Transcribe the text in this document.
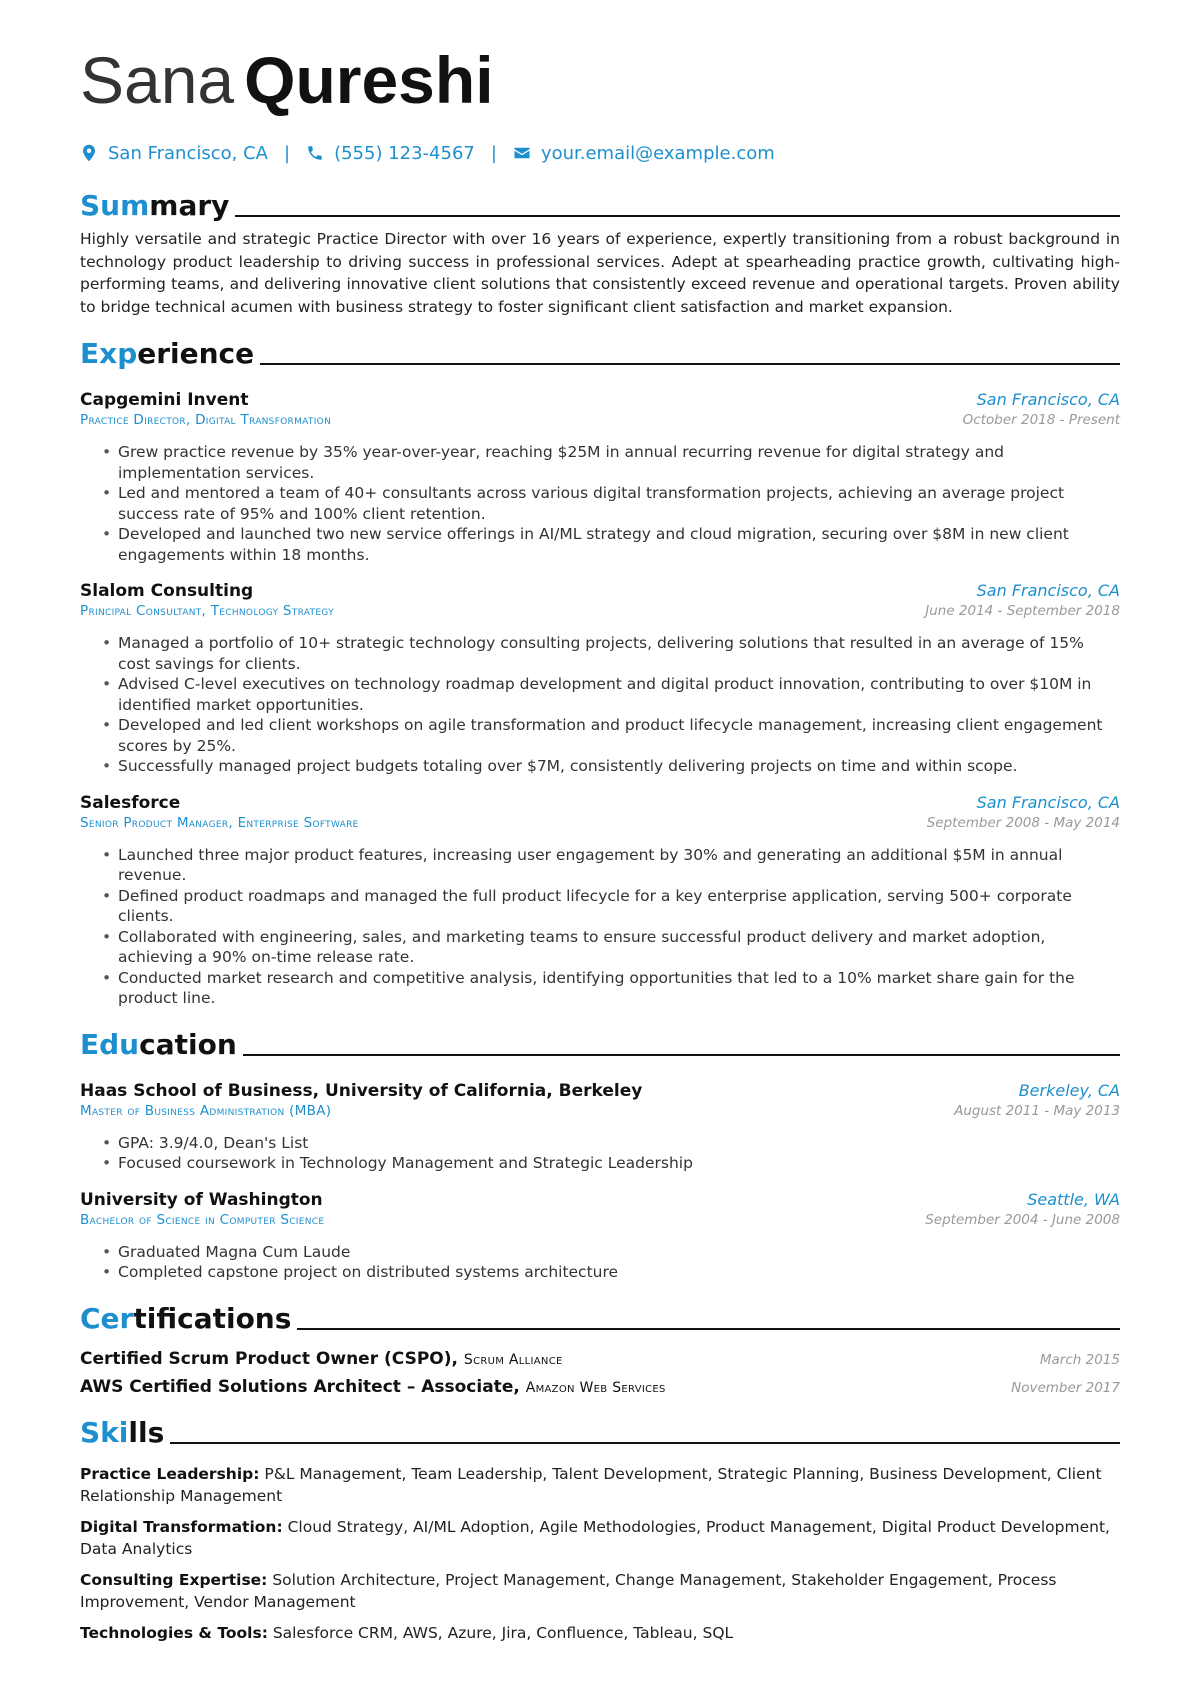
Sana Qureshi
San Francisco, CA | (555) 123-4567 | your.email@example.com
Summary
Highly versatile and strategic Practice Director with over 16 years of experience, expertly transitioning from a robust background in technology product leadership to driving success in professional services. Adept at spearheading practice growth, cultivating high-performing teams, and delivering innovative client solutions that consistently exceed revenue and operational targets. Proven ability to bridge technical acumen with business strategy to foster significant client satisfaction and market expansion.
Experience
Capgemini Invent	San Francisco, CA
Practice Director, Digital Transformation	October 2018 - Present
• Grew practice revenue by 35% year-over-year, reaching $25M in annual recurring revenue for digital strategy and implementation services.
• Led and mentored a team of 40+ consultants across various digital transformation projects, achieving an average project success rate of 95% and 100% client retention.
• Developed and launched two new service offerings in AI/ML strategy and cloud migration, securing over $8M in new client engagements within 18 months.
Slalom Consulting	San Francisco, CA
Principal Consultant, Technology Strategy	June 2014 - September 2018
• Managed a portfolio of 10+ strategic technology consulting projects, delivering solutions that resulted in an average of 15% cost savings for clients.
• Advised C-level executives on technology roadmap development and digital product innovation, contributing to over $10M in identified market opportunities.
• Developed and led client workshops on agile transformation and product lifecycle management, increasing client engagement scores by 25%.
• Successfully managed project budgets totaling over $7M, consistently delivering projects on time and within scope.
Salesforce	San Francisco, CA
Senior Product Manager, Enterprise Software	September 2008 - May 2014
• Launched three major product features, increasing user engagement by 30% and generating an additional $5M in annual revenue.
• Defined product roadmaps and managed the full product lifecycle for a key enterprise application, serving 500+ corporate clients.
• Collaborated with engineering, sales, and marketing teams to ensure successful product delivery and market adoption, achieving a 90% on-time release rate.
• Conducted market research and competitive analysis, identifying opportunities that led to a 10% market share gain for the product line.
Education
Haas School of Business, University of California, Berkeley	Berkeley, CA
Master of Business Administration (MBA)	August 2011 - May 2013
• GPA: 3.9/4.0, Dean's List
• Focused coursework in Technology Management and Strategic Leadership
University of Washington	Seattle, WA
Bachelor of Science in Computer Science	September 2004 - June 2008
• Graduated Magna Cum Laude
• Completed capstone project on distributed systems architecture
Certifications
Certified Scrum Product Owner (CSPO), Scrum Alliance	March 2015
AWS Certified Solutions Architect – Associate, Amazon Web Services	November 2017
Skills
Practice Leadership: P&L Management, Team Leadership, Talent Development, Strategic Planning, Business Development, Client Relationship Management
Digital Transformation: Cloud Strategy, AI/ML Adoption, Agile Methodologies, Product Management, Digital Product Development, Data Analytics
Consulting Expertise: Solution Architecture, Project Management, Change Management, Stakeholder Engagement, Process Improvement, Vendor Management
Technologies & Tools: Salesforce CRM, AWS, Azure, Jira, Confluence, Tableau, SQL
